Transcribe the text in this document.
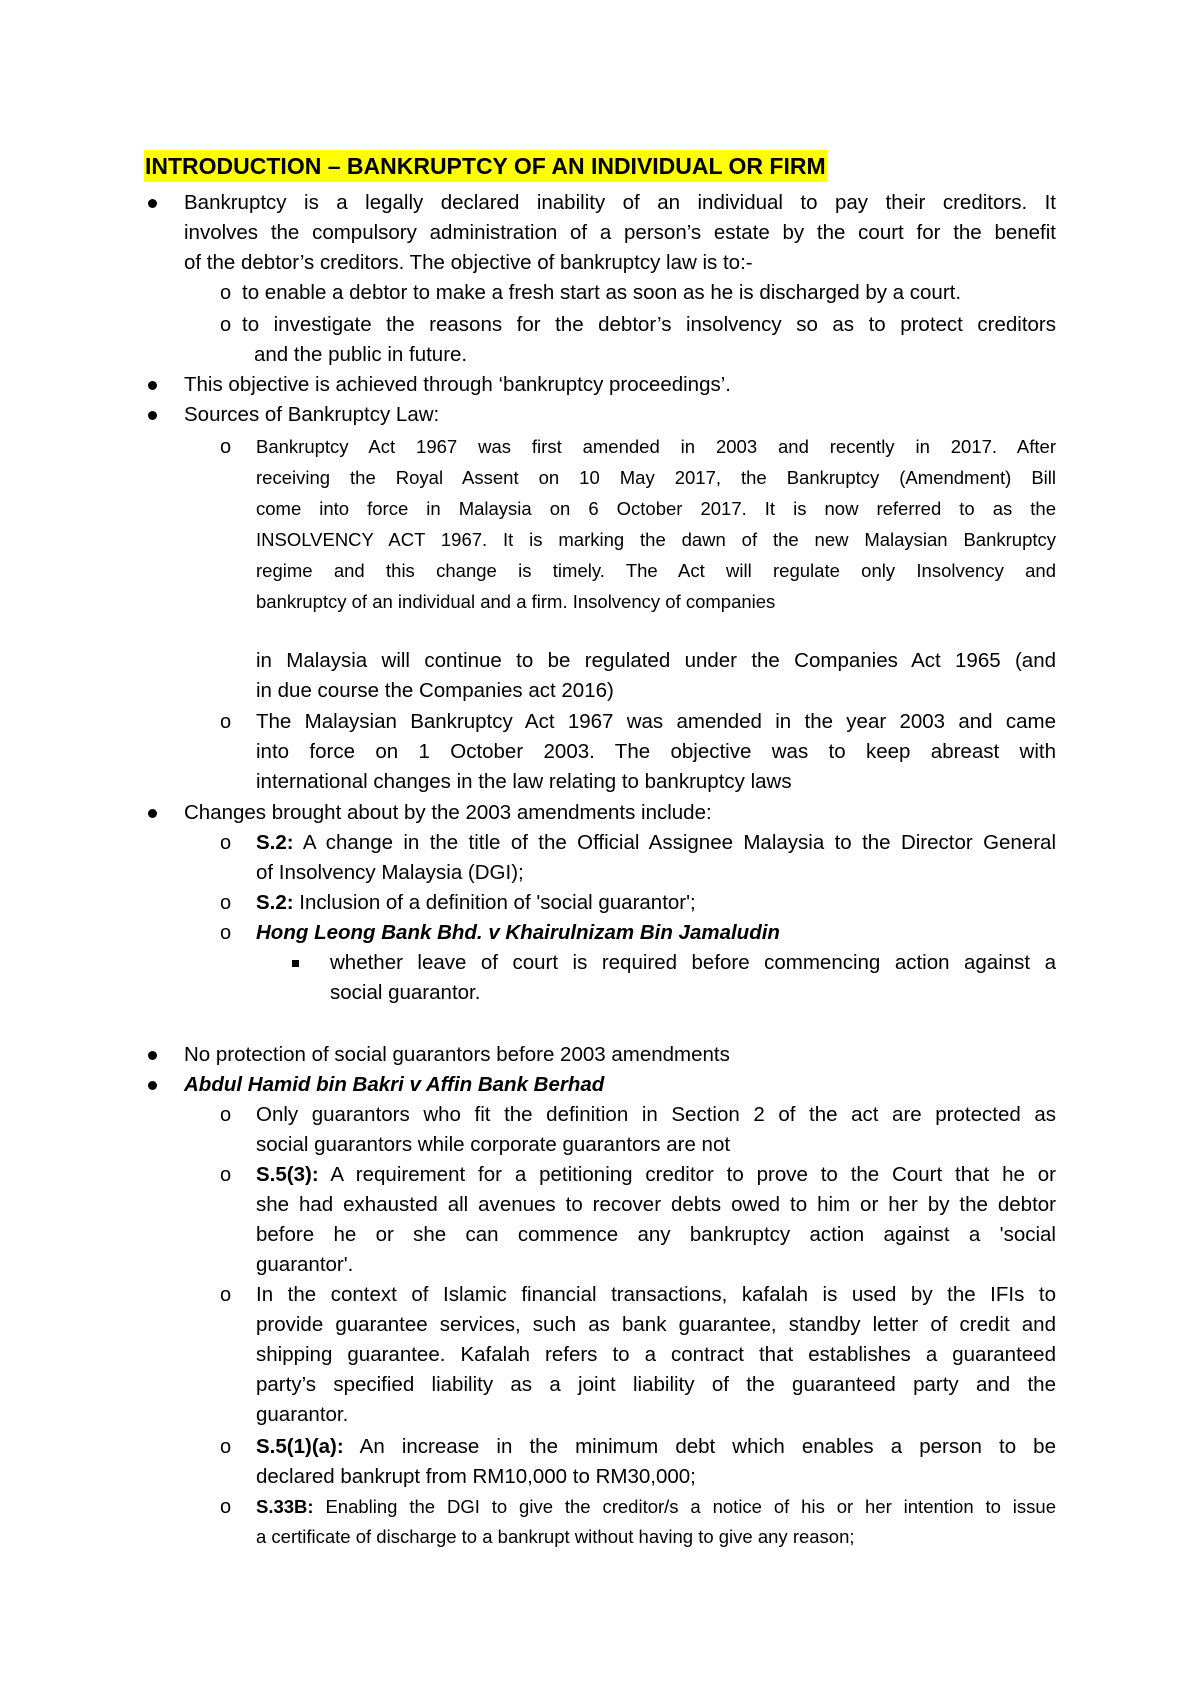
INTRODUCTION – BANKRUPTCY OF AN INDIVIDUAL OR FIRM
Bankruptcy is a legally declared inability of an individual to pay their creditors. It
involves the compulsory administration of a person’s estate by the court for the benefit
of the debtor’s creditors. The objective of bankruptcy law is to:-
o to enable a debtor to make a fresh start as soon as he is discharged by a court.
o to investigate the reasons for the debtor’s insolvency so as to protect creditors
and the public in future.
This objective is achieved through ‘bankruptcy proceedings’.
Sources of Bankruptcy Law:
o Bankruptcy Act 1967 was first amended in 2003 and recently in 2017. After
receiving the Royal Assent on 10 May 2017, the Bankruptcy (Amendment) Bill
come into force in Malaysia on 6 October 2017. It is now referred to as the
INSOLVENCY ACT 1967. It is marking the dawn of the new Malaysian Bankruptcy
regime and this change is timely. The Act will regulate only Insolvency and
bankruptcy of an individual and a firm. Insolvency of companies
in Malaysia will continue to be regulated under the Companies Act 1965 (and
in due course the Companies act 2016)
o The Malaysian Bankruptcy Act 1967 was amended in the year 2003 and came
into force on 1 October 2003. The objective was to keep abreast with
international changes in the law relating to bankruptcy laws
Changes brought about by the 2003 amendments include:
o S.2: A change in the title of the Official Assignee Malaysia to the Director General
of Insolvency Malaysia (DGI);
o S.2: Inclusion of a definition of 'social guarantor';
o Hong Leong Bank Bhd. v Khairulnizam Bin Jamaludin
whether leave of court is required before commencing action against a
social guarantor.
No protection of social guarantors before 2003 amendments
Abdul Hamid bin Bakri v Affin Bank Berhad
o Only guarantors who fit the definition in Section 2 of the act are protected as
social guarantors while corporate guarantors are not
o S.5(3): A requirement for a petitioning creditor to prove to the Court that he or
she had exhausted all avenues to recover debts owed to him or her by the debtor
before he or she can commence any bankruptcy action against a 'social
guarantor'.
o In the context of Islamic financial transactions, kafalah is used by the IFIs to
provide guarantee services, such as bank guarantee, standby letter of credit and
shipping guarantee. Kafalah refers to a contract that establishes a guaranteed
party’s specified liability as a joint liability of the guaranteed party and the
guarantor.
o S.5(1)(a): An increase in the minimum debt which enables a person to be
declared bankrupt from RM10,000 to RM30,000;
o S.33B: Enabling the DGI to give the creditor/s a notice of his or her intention to issue
a certificate of discharge to a bankrupt without having to give any reason;
